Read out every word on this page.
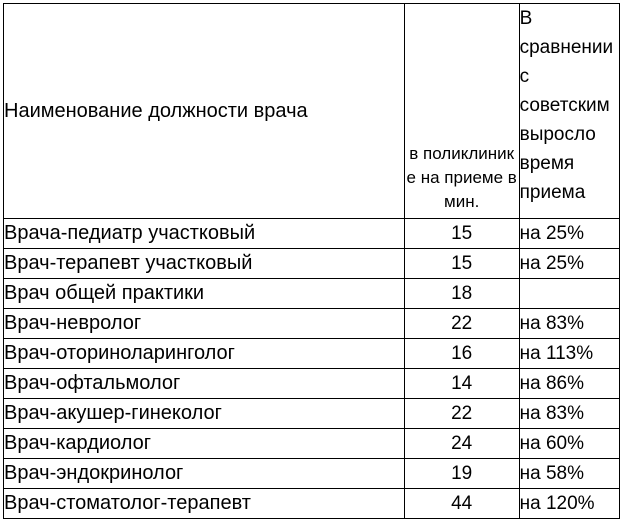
Наименование должности врача	в поликлинике на приеме в мин.	В сравнении с советским выросло время приема
Врача-педиатр участковый	15	на 25%
Врач-терапевт участковый	15	на 25%
Врач общей практики	18	
Врач-невролог	22	на 83%
Врач-оториноларинголог	16	на 113%
Врач-офтальмолог	14	на 86%
Врач-акушер-гинеколог	22	на 83%
Врач-кардиолог	24	на 60%
Врач-эндокринолог	19	на 58%
Врач-стоматолог-терапевт	44	на 120%
